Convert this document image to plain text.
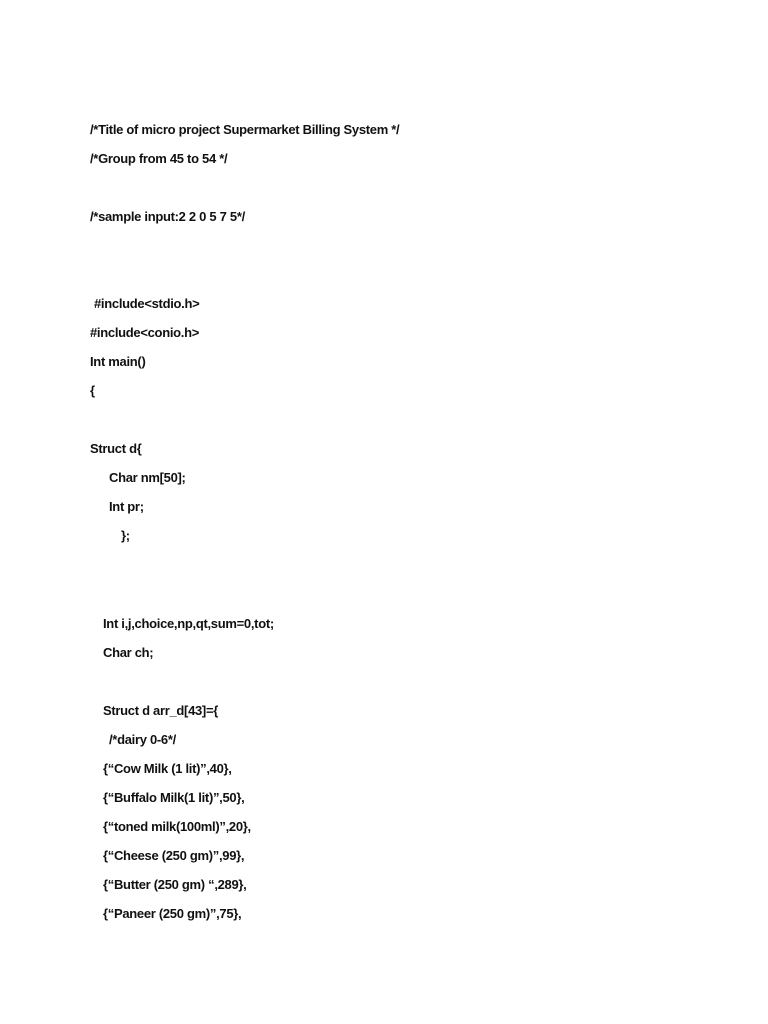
/*Title of micro project Supermarket Billing System */
/*Group from 45 to 54 */
/*sample input:2 2 0 5 7 5*/
#include<stdio.h>
#include<conio.h>
Int main()
{
Struct d{
Char nm[50];
Int pr;
};
Int i,j,choice,np,qt,sum=0,tot;
Char ch;
Struct d arr_d[43]={
/*dairy 0-6*/
{“Cow Milk (1 lit)”,40},
{“Buffalo Milk(1 lit)”,50},
{“toned milk(100ml)”,20},
{“Cheese (250 gm)”,99},
{“Butter (250 gm) “,289},
{“Paneer (250 gm)”,75},
